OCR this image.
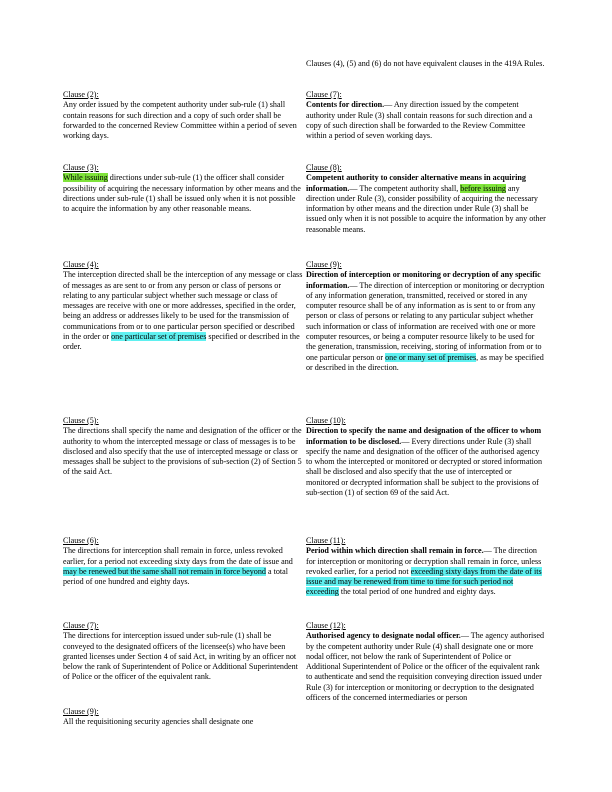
Clause (2):

Any order issued by the competent authority under sub-rule (1) shall contain reasons for such direction and a copy of such order shall be forwarded to the concerned Review Committee within a period of seven working days.

Clause (3):

While issuing directions under sub-rule (1) the officer shall consider possibility of acquiring the necessary information by other means and the directions under sub-rule (1) shall be issued only when it is not possible to acquire the information by any other reasonable means.

Clause (4):

The interception directed shall be the interception of any message or class of messages as are sent to or from any person or class of persons or relating to any particular subject whether such message or class of messages are receive with one or more addresses, specified in the order, being an address or addresses likely to be used for the transmission of communications from or to one particular person specified or described in the order or one particular set of premises specified or described in the order.

Clause (5):

The directions shall specify the name and designation of the officer or the authority to whom the intercepted message or class of messages is to be disclosed and also specify that the use of intercepted message or class or messages shall be subject to the provisions of sub-section (2) of Section 5 of the said Act.

Clause (6):

The directions for interception shall remain in force, unless revoked earlier, for a period not exceeding sixty days from the date of issue and may be renewed but the same shall not remain in force beyond a total period of one hundred and eighty days.

Clause (7):

The directions for interception issued under sub-rule (1) shall be conveyed to the designated officers of the licensee(s) who have been granted licenses under Section 4 of said Act, in writing by an officer not below the rank of Superintendent of Police or Additional Superintendent of Police or the officer of the equivalent rank.

Clause (9):

All the requisitioning security agencies shall designate one

Clauses (4), (5) and (6) do not have equivalent clauses in the 419A Rules.

Clause (7):

Contents for direction.— Any direction issued by the competent authority under Rule (3) shall contain reasons for such direction and a copy of such direction shall be forwarded to the Review Committee within a period of seven working days.

Clause (8):

Competent authority to consider alternative means in acquiring information.— The competent authority shall, before issuing any direction under Rule (3), consider possibility of acquiring the necessary information by other means and the direction under Rule (3) shall be issued only when it is not possible to acquire the information by any other reasonable means.

Clause (9):

Direction of interception or monitoring or decryption of any specific information.— The direction of interception or monitoring or decryption of any information generation, transmitted, received or stored in any computer resource shall be of any information as is sent to or from any person or class of persons or relating to any particular subject whether such information or class of information are received with one or more computer resources, or being a computer resource likely to be used for the generation, transmission, receiving, storing of information from or to one particular person or one or many set of premises, as may be specified or described in the direction.

Clause (10):

Direction to specify the name and designation of the officer to whom information to be disclosed.— Every directions under Rule (3) shall specify the name and designation of the officer of the authorised agency to whom the intercepted or monitored or decrypted or stored information shall be disclosed and also specify that the use of intercepted or monitored or decrypted information shall be subject to the provisions of sub-section (1) of section 69 of the said Act.

Clause (11):

Period within which direction shall remain in force.— The direction for interception or monitoring or decryption shall remain in force, unless revoked earlier, for a period not exceeding sixty days from the date of its issue and may be renewed from time to time for such period not exceeding the total period of one hundred and eighty days.

Clause (12):

Authorised agency to designate nodal officer.— The agency authorised by the competent authority under Rule (4) shall designate one or more nodal officer, not below the rank of Superintendent of Police or Additional Superintendent of Police or the officer of the equivalent rank to authenticate and send the requisition conveying direction issued under Rule (3) for interception or monitoring or decryption to the designated officers of the concerned intermediaries or person
